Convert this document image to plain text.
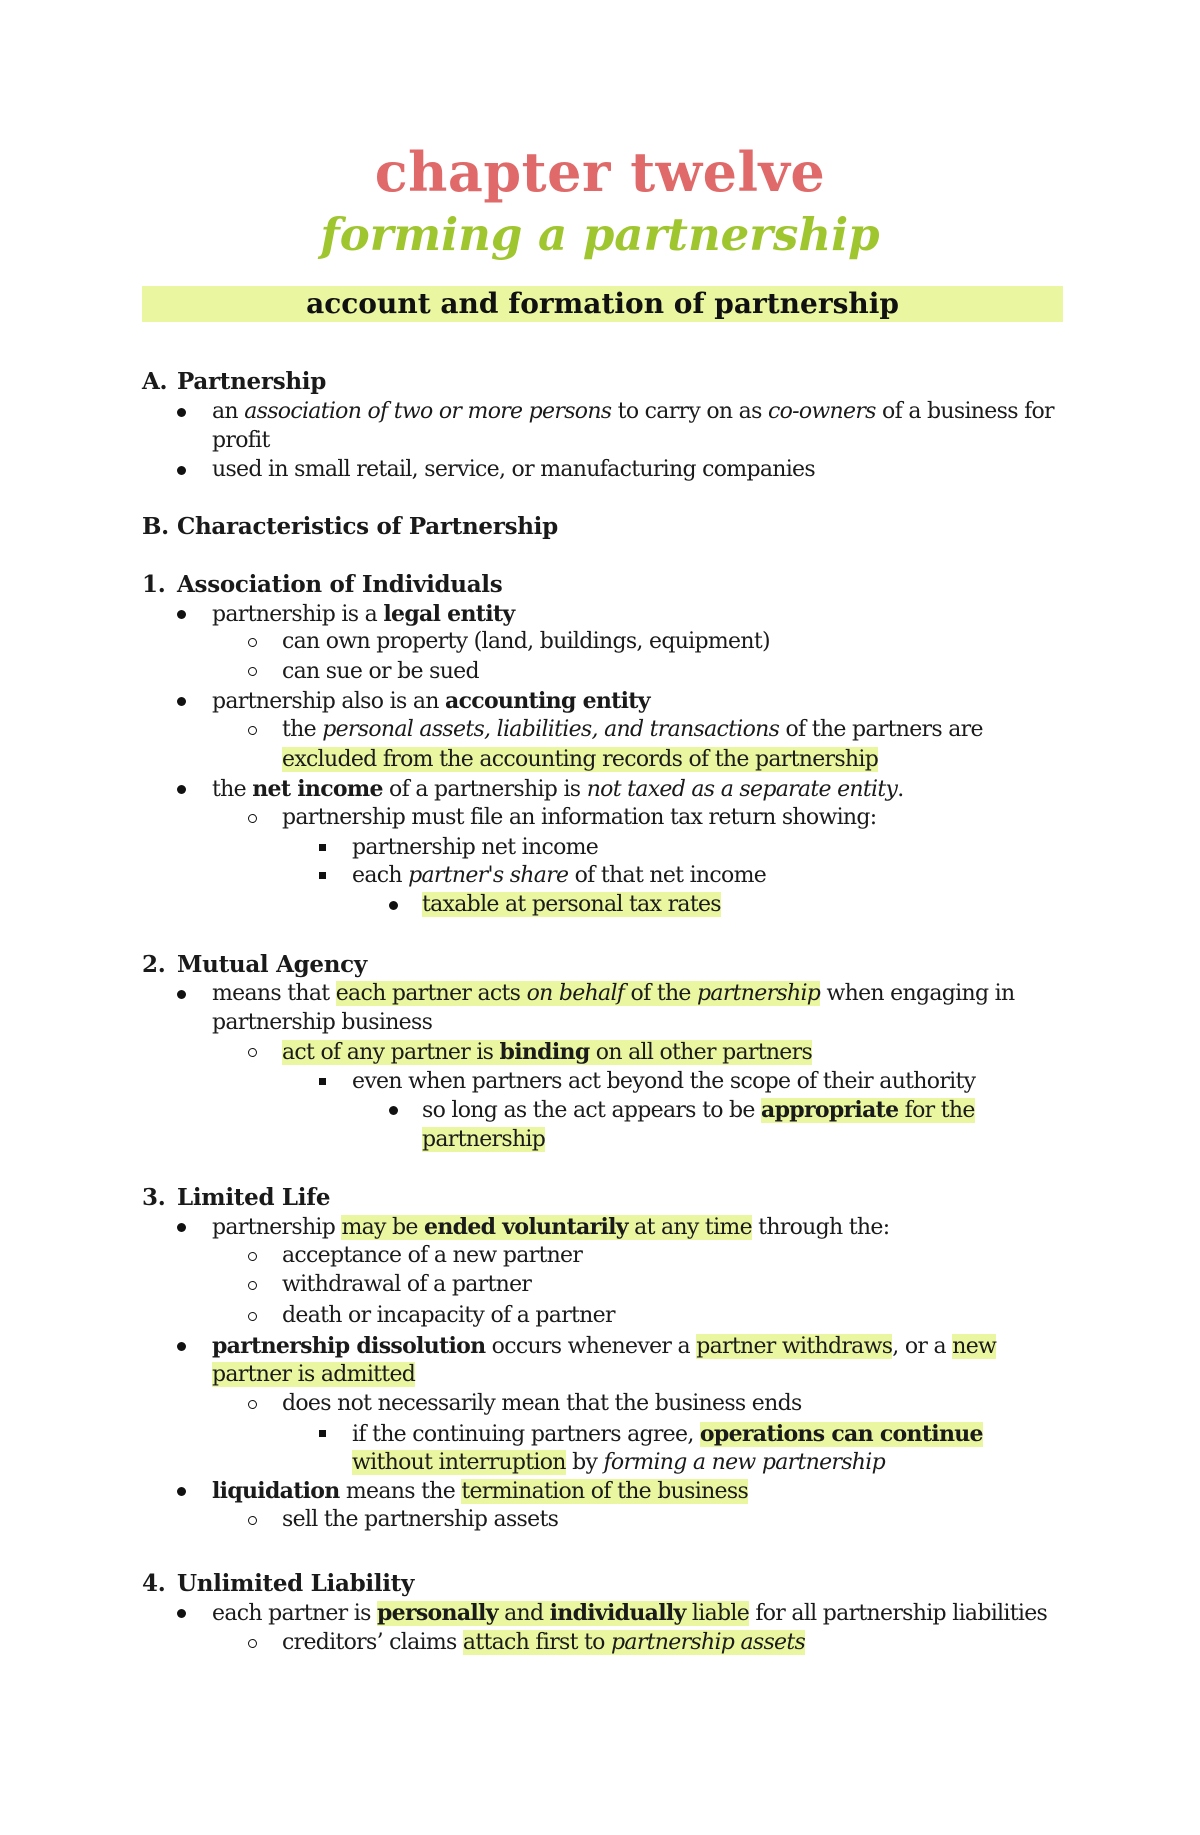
chapter twelve
forming a partnership
account and formation of partnership
A. Partnership
an association of two or more persons to carry on as co-owners of a business for
profit
used in small retail, service, or manufacturing companies
B. Characteristics of Partnership
1. Association of Individuals
partnership is a legal entity
can own property (land, buildings, equipment)
can sue or be sued
partnership also is an accounting entity
the personal assets, liabilities, and transactions of the partners are
excluded from the accounting records of the partnership
the net income of a partnership is not taxed as a separate entity.
partnership must file an information tax return showing:
partnership net income
each partner's share of that net income
taxable at personal tax rates
2. Mutual Agency
means that each partner acts on behalf of the partnership when engaging in
partnership business
act of any partner is binding on all other partners
even when partners act beyond the scope of their authority
so long as the act appears to be appropriate for the
partnership
3. Limited Life
partnership may be ended voluntarily at any time through the:
acceptance of a new partner
withdrawal of a partner
death or incapacity of a partner
partnership dissolution occurs whenever a partner withdraws, or a new
partner is admitted
does not necessarily mean that the business ends
if the continuing partners agree, operations can continue
without interruption by forming a new partnership
liquidation means the termination of the business
sell the partnership assets
4. Unlimited Liability
each partner is personally and individually liable for all partnership liabilities
creditors’ claims attach first to partnership assets
